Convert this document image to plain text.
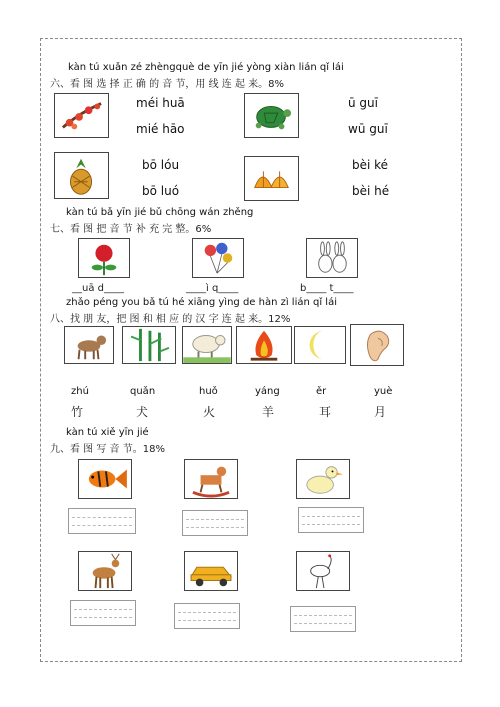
kàn tú xuǎn zé zhèngquè de yīn jié yòng xiàn lián qǐ lái
六、看 图 选 择 正 确 的 音 节，用 线 连 起 来。8%
méi huā
mié hāo
ū guī
wū guī
bō lóu
bō luó
bèi ké
bèi hé
kàn tú bǎ yīn jié bǔ chōng wán zhěng
七、看 图 把 音 节 补 充 完 整。6%
__uā d____	____ì q____	b____ t____
zhǎo péng you bǎ tú hé xiāng yìng de hàn zì lián qǐ lái
八、找 朋 友，把 图 和 相 应 的 汉 字 连 起 来。12%
zhú	quǎn	huǒ	yáng	ěr	yuè
竹	犬	火	羊	耳	月
kàn tú xiě yīn jié
九、看 图 写 音 节。18%
